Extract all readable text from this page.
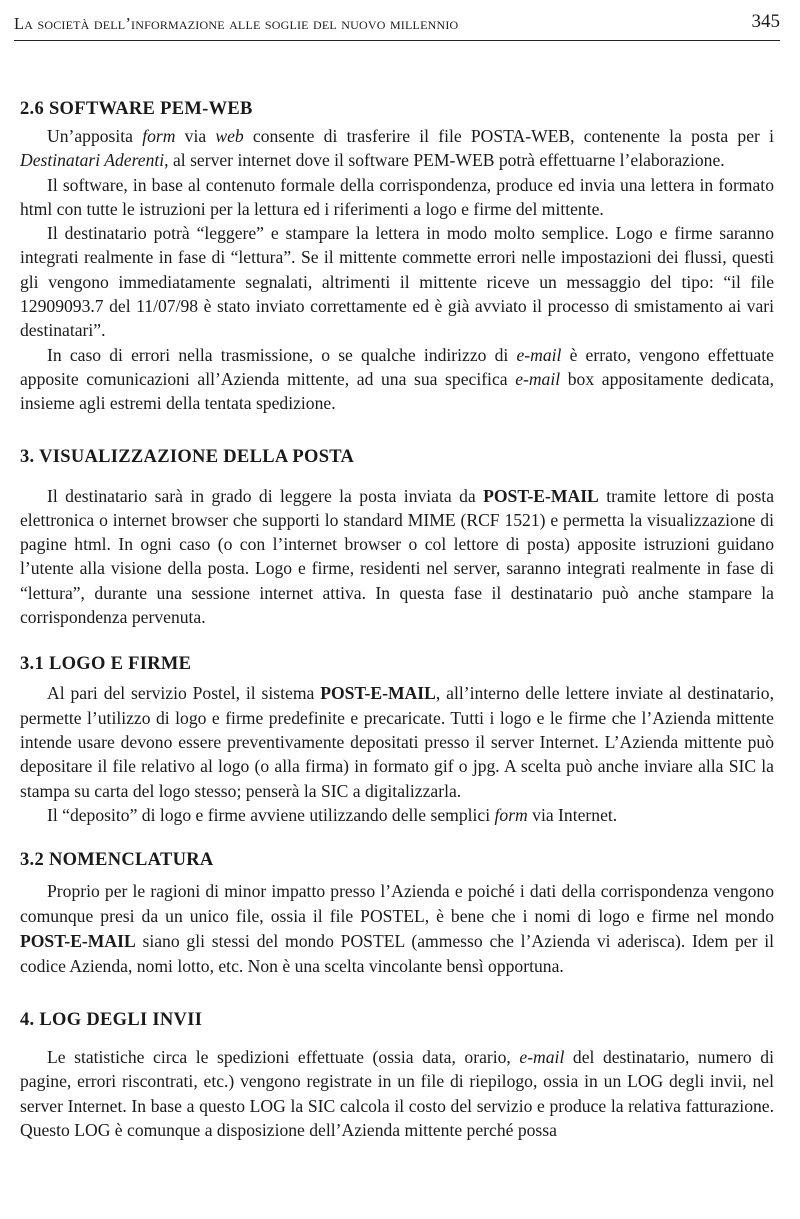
La società dell’informazione alle soglie del nuovo millennio	345
2.6 SOFTWARE PEM-WEB

Un’apposita form via web consente di trasferire il file POSTA-WEB, contenente la posta per i Destinatari Aderenti, al server internet dove il software PEM-WEB potrà effettuarne l’elaborazione.

Il software, in base al contenuto formale della corrispondenza, produce ed invia una lettera in formato html con tutte le istruzioni per la lettura ed i riferimenti a logo e firme del mittente.

Il destinatario potrà “leggere” e stampare la lettera in modo molto semplice. Logo e firme saranno integrati realmente in fase di “lettura”. Se il mittente commette errori nelle impostazioni dei flussi, questi gli vengono immediatamente segnalati, altrimenti il mittente riceve un messaggio del tipo: “il file 12909093.7 del 11/07/98 è stato inviato correttamente ed è già avviato il processo di smistamento ai vari destinatari”.

In caso di errori nella trasmissione, o se qualche indirizzo di e-mail è errato, vengono effettuate apposite comunicazioni all’Azienda mittente, ad una sua specifica e-mail box appositamente dedicata, insieme agli estremi della tentata spedizione.

3. VISUALIZZAZIONE DELLA POSTA

Il destinatario sarà in grado di leggere la posta inviata da POST-E-MAIL tramite lettore di posta elettronica o internet browser che supporti lo standard MIME (RCF 1521) e permetta la visualizzazione di pagine html. In ogni caso (o con l’internet browser o col lettore di posta) apposite istruzioni guidano l’utente alla visione della posta. Logo e firme, residenti nel server, saranno integrati realmente in fase di “lettura”, durante una sessione internet attiva. In questa fase il destinatario può anche stampare la corrispondenza pervenuta.

3.1 LOGO E FIRME

Al pari del servizio Postel, il sistema POST-E-MAIL, all’interno delle lettere inviate al destinatario, permette l’utilizzo di logo e firme predefinite e precaricate. Tutti i logo e le firme che l’Azienda mittente intende usare devono essere preventivamente depositati presso il server Internet. L’Azienda mittente può depositare il file relativo al logo (o alla firma) in formato gif o jpg. A scelta può anche inviare alla SIC la stampa su carta del logo stesso; penserà la SIC a digitalizzarla.

Il “deposito” di logo e firme avviene utilizzando delle semplici form via Internet.

3.2 NOMENCLATURA

Proprio per le ragioni di minor impatto presso l’Azienda e poiché i dati della corrispondenza vengono comunque presi da un unico file, ossia il file POSTEL, è bene che i nomi di logo e firme nel mondo POST-E-MAIL siano gli stessi del mondo POSTEL (ammesso che l’Azienda vi aderisca). Idem per il codice Azienda, nomi lotto, etc. Non è una scelta vincolante bensì opportuna.

4. LOG DEGLI INVII

Le statistiche circa le spedizioni effettuate (ossia data, orario, e-mail del destinatario, numero di pagine, errori riscontrati, etc.) vengono registrate in un file di riepilogo, ossia in un LOG degli invii, nel server Internet. In base a questo LOG la SIC calcola il costo del servizio e produce la relativa fatturazione. Questo LOG è comunque a disposizione dell’Azienda mittente perché possa
